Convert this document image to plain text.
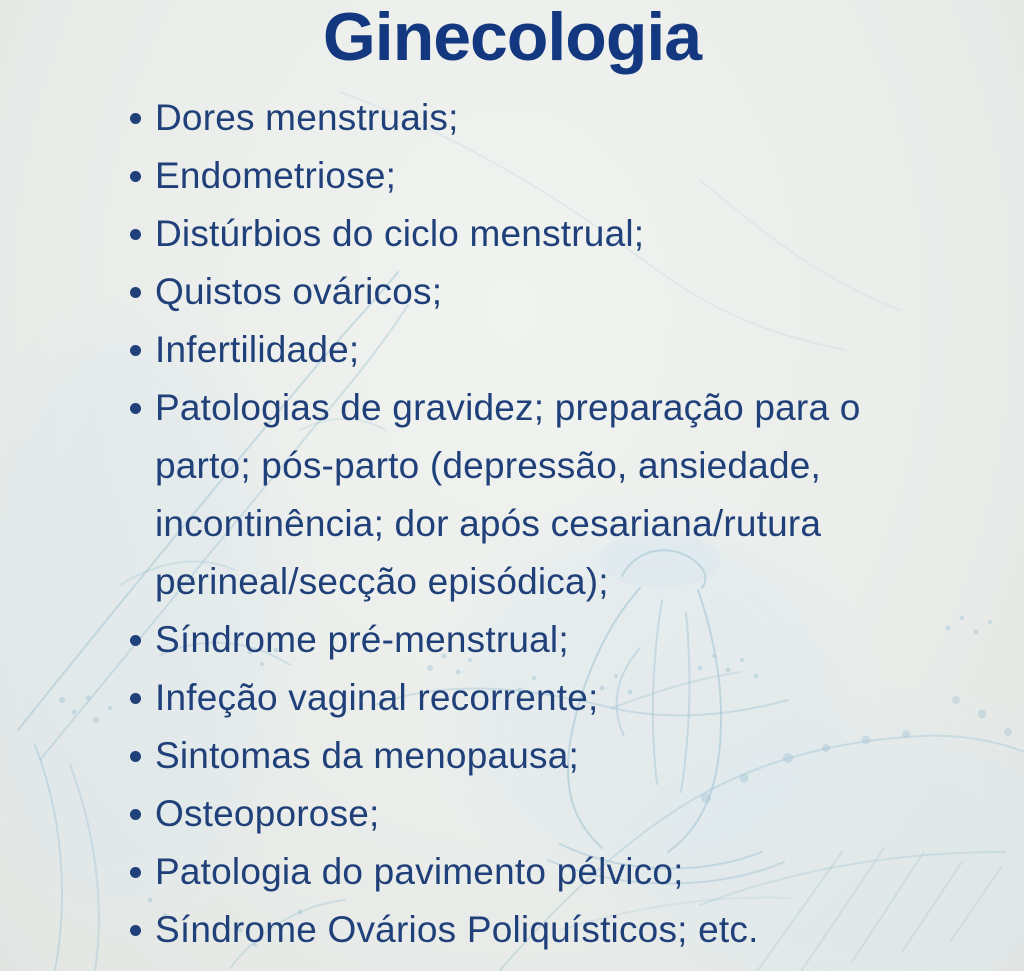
Ginecologia
Dores menstruais;
Endometriose;
Distúrbios do ciclo menstrual;
Quistos ováricos;
Infertilidade;
Patologias de gravidez; preparação para o parto; pós-parto (depressão, ansiedade, incontinência; dor após cesariana/rutura perineal/secção episódica);
Síndrome pré-menstrual;
Infeção vaginal recorrente;
Sintomas da menopausa;
Osteoporose;
Patologia do pavimento pélvico;
Síndrome Ovários Poliquísticos; etc.
